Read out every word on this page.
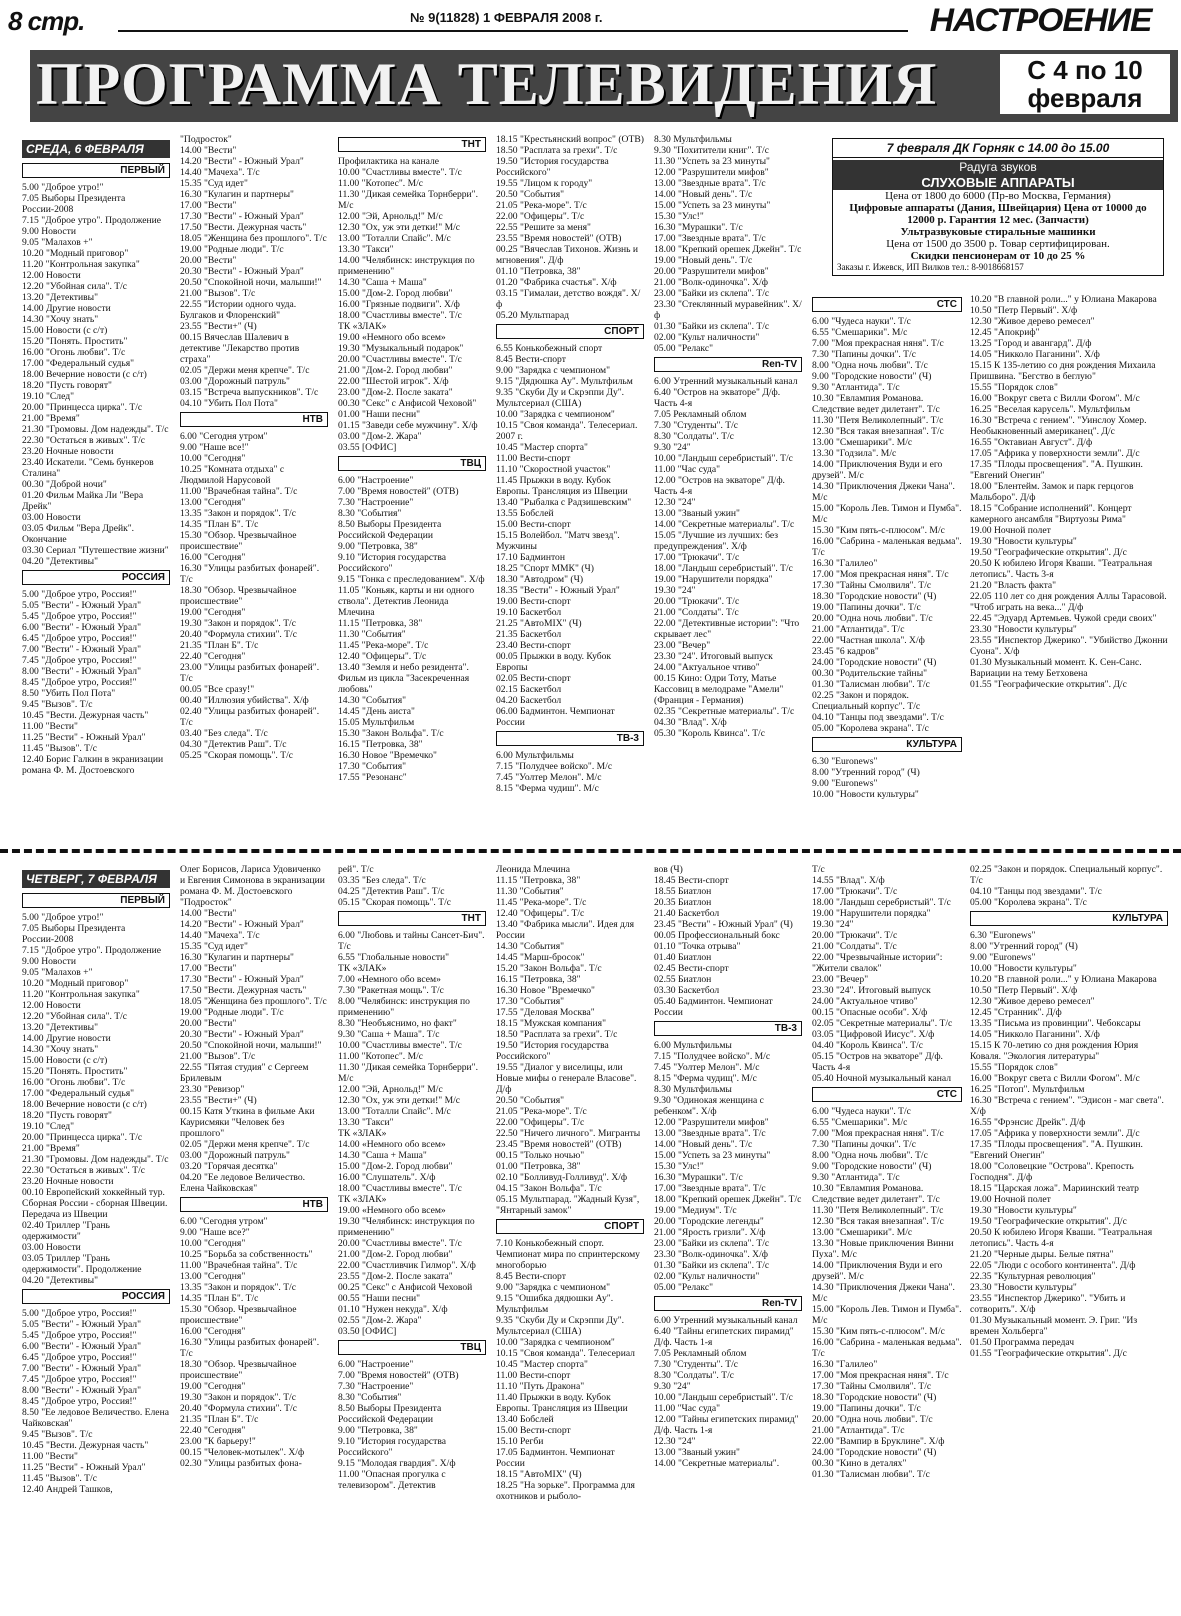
8 стр.	№ 9(11828) 1 ФЕВРАЛЯ 2008 г.	НАСТРОЕНИЕ
ПРОГРАММА ТЕЛЕВИДЕНИЯ	С 4 по 10 февраля
СРЕДА, 6 ФЕВРАЛЯ
ЧЕТВЕРГ, 7 ФЕВРАЛЯ
7 февраля ДК Горняк с 14.00 до 15.00
Радуга звуков
СЛУХОВЫЕ АППАРАТЫ
Цена от 1800 до 6000 (Пр-во Москва, Германия)
Цифровые аппараты (Дания, Швейцария) Цена от 10000 до 12000 р. Гарантия 12 мес. (Запчасти)
Ультразвуковые стиральные машинки
Цена от 1500 до 3500 р. Товар сертифицирован.
Скидки пенсионерам от 10 до 25 %
Заказы г. Ижевск, ИП Вилков тел.: 8-9018668157
ПЕРВЫЙ
5.00 "Доброе утро!"
7.05 Выборы Президента России-2008
7.15 "Доброе утро". Продолжение
9.00 Новости
9.05 "Малахов +"
10.20 "Модный приговор"
11.20 "Контрольная закупка"
12.00 Новости
12.20 "Убойная сила". Т/с
13.20 "Детективы"
14.00 Другие новости
14.30 "Хочу знать"
15.00 Новости (с с/т)
15.20 "Понять. Простить"
16.00 "Огонь любви". Т/с
17.00 "Федеральный судья"
18.00 Вечерние новости (с с/т)
18.20 "Пусть говорят"
19.10 "След"
20.00 "Принцесса цирка". Т/с
21.00 "Время"
21.30 "Громовы. Дом надежды". Т/с
22.30 "Остаться в живых". Т/с
23.20 Ночные новости
23.40 Искатели. "Семь бункеров Сталина"
00.30 "Доброй ночи"
01.20 Фильм Майка Ли "Вера Дрейк"
03.00 Новости
03.05 Фильм "Вера Дрейк". Окончание
03.30 Сериал "Путешествие жизни"
04.20 "Детективы"
РОССИЯ
5.00 "Доброе утро, Россия!"
5.05 "Вести" - Южный Урал"
5.45 "Доброе утро, Россия!"
6.00 "Вести" - Южный Урал"
6.45 "Доброе утро, Россия!"
7.00 "Вести" - Южный Урал"
7.45 "Доброе утро, Россия!"
8.00 "Вести" - Южный Урал"
8.45 "Доброе утро, Россия!"
8.50 "Убить Пол Пота"
9.45 "Вызов". Т/с
10.45 "Вести. Дежурная часть"
11.00 "Вести"
11.25 "Вести" - Южный Урал"
11.45 "Вызов". Т/с
12.40 Борис Галкин в экранизации романа Ф. М. Достоевского
"Подросток"
14.00 "Вести"
14.20 "Вести" - Южный Урал"
14.40 "Мачеха". Т/с
15.35 "Суд идет"
16.30 "Кулагин и партнеры"
17.00 "Вести"
17.30 "Вести" - Южный Урал"
17.50 "Вести. Дежурная часть"
18.05 "Женщина без прошлого". Т/с
19.00 "Родные люди". Т/с
20.00 "Вести"
20.30 "Вести" - Южный Урал"
20.50 "Спокойной ночи, малыши!"
21.00 "Вызов". Т/с
22.55 "Истории одного чуда. Булгаков и Флоренский"
23.55 "Вести+" (Ч)
00.15 Вячеслав Шалевич в детективе "Лекарство против страха"
02.05 "Держи меня крепче". Т/с
03.00 "Дорожный патруль"
03.15 "Встреча выпускников". Т/с
04.10 "Убить Пол Пота"
НТВ
6.00 "Сегодня утром"
9.00 "Наше все!"
10.00 "Сегодня"
10.25 "Комната отдыха" с Людмилой Нарусовой
11.00 "Врачебная тайна". Т/с
13.00 "Сегодня"
13.35 "Закон и порядок". Т/с
14.35 "План Б". Т/с
15.30 "Обзор. Чрезвычайное происшествие"
16.00 "Сегодня"
16.30 "Улицы разбитых фонарей". Т/с
18.30 "Обзор. Чрезвычайное происшествие"
19.00 "Сегодня"
19.30 "Закон и порядок". Т/с
20.40 "Формула стихии". Т/с
21.35 "План Б". Т/с
22.40 "Сегодня"
23.00 "Улицы разбитых фонарей". Т/с
00.05 "Все сразу!"
00.40 "Иллюзия убийства". Х/ф
02.40 "Улицы разбитых фонарей". Т/с
03.40 "Без следа". Т/с
04.30 "Детектив Раш". Т/с
05.25 "Скорая помощь". Т/с
ТНТ
Профилактика на канале
10.00 "Счастливы вместе". Т/с
11.00 "Котопес". М/с
11.30 "Дикая семейка Торнберри". М/с
12.00 "Эй, Арнольд!" М/с
12.30 "Ох, уж эти детки!" М/с
13.00 "Тоталли Спайс". М/с
13.30 "Такси"
14.00 "Челябинск: инструкция по применению"
14.30 "Саша + Маша"
15.00 "Дом-2. Город любви"
16.00 "Грязные подвиги". Х/ф
18.00 "Счастливы вместе". Т/с
ТК «ЗЛАК»
19.00 «Немного обо всем»
19.30 "Музыкальный подарок"
20.00 "Счастливы вместе". Т/с
21.00 "Дом-2. Город любви"
22.00 "Шестой игрок". Х/ф
23.00 "Дом-2. После заката"
00.30 "Секс" с Анфисой Чеховой"
01.00 "Наши песни"
01.15 "Заведи себе мужчину". Х/ф
03.00 "Дом-2. Жара"
03.55 [ОФИС]
ТВЦ
6.00 "Настроение"
7.00 "Время новостей" (ОТВ)
7.30 "Настроение"
8.30 "События"
8.50 Выборы Президента Российской Федерации
9.00 "Петровка, 38"
9.10 "История государства Российского"
9.15 "Гонка с преследованием". Х/ф
11.05 "Коньяк, карты и ни одного ствола". Детектив Леонида Млечина
11.15 "Петровка, 38"
11.30 "События"
11.45 "Река-море". Т/с
12.40 "Офицеры". Т/с
13.40 "Земля и небо резидента". Фильм из цикла "Засекреченная любовь"
14.30 "События"
14.45 "День аиста"
15.05 Мультфильм
15.30 "Закон Вольфа". Т/с
16.15 "Петровка, 38"
16.30 Новое "Времечко"
17.30 "События"
17.55 "Резонанс"
18.15 "Крестьянский вопрос" (ОТВ)
18.50 "Расплата за грехи". Т/с
19.50 "История государства Российского"
19.55 "Лицом к городу"
20.50 "События"
21.05 "Река-море". Т/с
22.00 "Офицеры". Т/с
22.55 "Решите за меня"
23.55 "Время новостей" (ОТВ)
00.25 "Вячеслав Тихонов. Жизнь и мгновения". Д/ф
01.10 "Петровка, 38"
01.20 "Фабрика счастья". Х/ф
03.15 "Гималаи, детство вождя". Х/ф
05.20 Мультпарад
СПОРТ
6.55 Конькобежный спорт
8.45 Вести-спорт
9.00 "Зарядка с чемпионом"
9.15 "Дядюшка Ау". Мультфильм
9.35 "Скуби Ду и Скрэппи Ду". Мультсериал (США)
10.00 "Зарядка с чемпионом"
10.15 "Своя команда". Телесериал. 2007 г.
10.45 "Мастер спорта"
11.00 Вести-спорт
11.10 "Скоростной участок"
11.45 Прыжки в воду. Кубок Европы. Трансляция из Швеции
13.40 "Рыбалка с Радзишевским"
13.55 Бобслей
15.00 Вести-спорт
15.15 Волейбол. "Матч звезд". Мужчины
17.10 Бадминтон
18.25 "Спорт ММК" (Ч)
18.30 "Автодром" (Ч)
18.35 "Вести" - Южный Урал"
19.00 Вести-спорт
19.10 Баскетбол
21.25 "АвтоМIХ" (Ч)
21.35 Баскетбол
23.40 Вести-спорт
00.05 Прыжки в воду. Кубок Европы
02.05 Вести-спорт
02.15 Баскетбол
04.20 Баскетбол
06.00 Бадминтон. Чемпионат России
ТВ-3
6.00 Мультфильмы
7.15 "Полудчее войско". М/с
7.45 "Уолтер Мелон". М/с
8.15 "Ферма чудиш". М/с
8.30 Мультфильмы
9.30 "Похитители книг". Т/с
11.30 "Успеть за 23 минуты"
12.00 "Разрушители мифов"
13.00 "Звездные врата". Т/с
14.00 "Новый день". Т/с
15.00 "Успеть за 23 минуты"
15.30 "Улс!"
16.30 "Мурашки". Т/с
17.00 "Звездные врата". Т/с
18.00 "Крепкий орешек Джейн". Т/с
19.00 "Новый день". Т/с
20.00 "Разрушители мифов"
21.00 "Волк-одиночка". Х/ф
23.00 "Байки из склепа". Т/с
23.30 "Стеклянный муравейник". Х/ф
01.30 "Байки из склепа". Т/с
02.00 "Культ наличности"
05.00 "Релакс"
Ren-TV
6.00 Утренний музыкальный канал
6.40 "Остров на экваторе" Д/ф. Часть 4-я
7.05 Рекламный облом
7.30 "Студенты". Т/с
8.30 "Солдаты". Т/с
9.30 "24"
10.00 "Ландыш серебристый". Т/с
11.00 "Час суда"
12.00 "Остров на экваторе" Д/ф. Часть 4-я
12.30 "24"
13.00 "Званый ужин"
14.00 "Секретные материалы". Т/с
15.05 "Лучшие из лучших: без предупреждения". Х/ф
17.00 "Трюкачи". Т/с
18.00 "Ландыш серебристый". Т/с
19.00 "Нарушители порядка"
19.30 "24"
20.00 "Трюкачи". Т/с
21.00 "Солдаты". Т/с
22.00 "Детективные истории": "Что скрывает лес"
23.00 "Вечер"
23.30 "24". Итоговый выпуск
24.00 "Актуальное чтиво"
00.15 Кино: Одри Тоту, Матье Кассовиц в мелодраме "Амели" (Франция - Германия)
02.35 "Секретные материалы". Т/с
04.30 "Влад". Х/ф
05.30 "Король Квинса". Т/с
СТС
6.00 "Чудеса науки". Т/с
6.55 "Смешарики". М/с
7.00 "Моя прекрасная няня". Т/с
7.30 "Папины дочки". Т/с
8.00 "Одна ночь любви". Т/с
9.00 "Городские новости" (Ч)
9.30 "Атлантида". Т/с
10.30 "Евлампия Романова. Следствие ведет дилетант". Т/с
11.30 "Петя Великолепный". Т/с
12.30 "Вся такая внезапная". Т/с
13.00 "Смешарики". М/с
13.30 "Годзила". М/с
14.00 "Приключения Вуди и его друзей". М/с
14.30 "Приключения Джеки Чана". М/с
15.00 "Король Лев. Тимон и Пумба". М/с
15.30 "Ким пять-с-плюсом". М/с
16.00 "Сабрина - маленькая ведьма". Т/с
16.30 "Галилео"
17.00 "Моя прекрасная няня". Т/с
17.30 "Тайны Смолвиля". Т/с
18.30 "Городские новости" (Ч)
19.00 "Папины дочки". Т/с
20.00 "Одна ночь любви". Т/с
21.00 "Атлантида". Т/с
22.00 "Частная школа". Х/ф
23.45 "6 кадров"
24.00 "Городские новости" (Ч)
00.30 "Родительские тайны"
01.30 "Талисман любви". Т/с
02.25 "Закон и порядок. Специальный корпус". Т/с
04.10 "Танцы под звездами". Т/с
05.00 "Королева экрана". Т/с
КУЛЬТУРА
6.30 "Euronews"
8.00 "Утренний город" (Ч)
9.00 "Euronews"
10.00 "Новости культуры"
10.20 "В главной роли..." у Юлиана Макарова
10.50 "Петр Первый". Х/ф
12.30 "Живое дерево ремесел"
12.45 "Апокриф"
13.25 "Город и авангард". Д/ф
14.05 "Никколо Паганини". Х/ф
15.15 К 135-летию со дня рождения Михаила Пришвина. "Бегство в беглую"
15.55 "Порядок слов"
16.00 "Вокруг света с Вилли Фогом". М/с
16.25 "Веселая карусель". Мультфильм
16.30 "Встреча с гением". "Уинслоу Хомер. Необыкновенный американец". Д/с
16.55 "Октавиан Август". Д/ф
17.05 "Африка у поверхности земли". Д/с
17.35 "Плоды просвещения". "А. Пушкин. "Евгений Онегин"
18.00 "Блентейм. Замок и парк герцогов Мальборо". Д/ф
18.15 "Собрание исполнений". Концерт камерного ансамбля "Виртуозы Рима"
19.00 Ночной полет
19.30 "Новости культуры"
19.50 "Географические открытия". Д/с
20.50 К юбилею Игоря Кваши. "Театральная летопись". Часть 3-я
21.20 "Власть факта"
22.05 110 лет со дня рождения Аллы Тарасовой. "Чтоб играть на века..." Д/ф
22.45 "Эдуард Артемьев. Чужой среди своих"
23.30 "Новости культуры"
23.55 "Инспектор Джерико". "Убийство Джонни Суона". Х/ф
01.30 Музыкальный момент. К. Сен-Санс. Вариации на тему Бетховена
01.55 "Географические открытия". Д/с
ПЕРВЫЙ
5.00 "Доброе утро!"
7.05 Выборы Президента России-2008
7.15 "Доброе утро". Продолжение
9.00 Новости
9.05 "Малахов +"
10.20 "Модный приговор"
11.20 "Контрольная закупка"
12.00 Новости
12.20 "Убойная сила". Т/с
13.20 "Детективы"
14.00 Другие новости
14.30 "Хочу знать"
15.00 Новости (с с/т)
15.20 "Понять. Простить"
16.00 "Огонь любви". Т/с
17.00 "Федеральный судья"
18.00 Вечерние новости (с с/т)
18.20 "Пусть говорят"
19.10 "След"
20.00 "Принцесса цирка". Т/с
21.00 "Время"
21.30 "Громовы. Дом надежды". Т/с
22.30 "Остаться в живых". Т/с
23.20 Ночные новости
00.10 Европейский хоккейный тур. Сборная России - сборная Швеции. Передача из Швеции
02.40 Триллер "Грань одержимости"
03.00 Новости
03.05 Триллер "Грань одержимости". Продолжение
04.20 "Детективы"
РОССИЯ
5.00 "Доброе утро, Россия!"
5.05 "Вести" - Южный Урал"
5.45 "Доброе утро, Россия!"
6.00 "Вести" - Южный Урал"
6.45 "Доброе утро, Россия!"
7.00 "Вести" - Южный Урал"
7.45 "Доброе утро, Россия!"
8.00 "Вести" - Южный Урал"
8.45 "Доброе утро, Россия!"
8.50 "Ее ледовое Величество. Елена Чайковская"
9.45 "Вызов". Т/с
10.45 "Вести. Дежурная часть"
11.00 "Вести"
11.25 "Вести" - Южный Урал"
11.45 "Вызов". Т/с
12.40 Андрей Ташков,
Олег Борисов, Лариса Удовиченко и Евгения Симонова в экранизации романа Ф. М. Достоевского "Подросток"
14.00 "Вести"
14.20 "Вести" - Южный Урал"
14.40 "Мачеха". Т/с
15.35 "Суд идет"
16.30 "Кулагин и партнеры"
17.00 "Вести"
17.30 "Вести" - Южный Урал"
17.50 "Вести. Дежурная часть"
18.05 "Женщина без прошлого". Т/с
19.00 "Родные люди". Т/с
20.00 "Вести"
20.30 "Вести" - Южный Урал"
20.50 "Спокойной ночи, малыши!"
21.00 "Вызов". Т/с
22.55 "Пятая студия" с Сергеем Брилевым
23.30 "Ревизор"
23.55 "Вести+" (Ч)
00.15 Катя Уткина в фильме Аки Каурисмяки "Человек без прошлого"
02.05 "Держи меня крепче". Т/с
03.00 "Дорожный патруль"
03.20 "Горячая десятка"
04.20 "Ее ледовое Величество. Елена Чайковская"
НТВ
6.00 "Сегодня утром"
9.00 "Наше все?"
10.00 "Сегодня"
10.25 "Борьба за собственность"
11.00 "Врачебная тайна". Т/с
13.00 "Сегодня"
13.35 "Закон и порядок". Т/с
14.35 "План Б". Т/с
15.30 "Обзор. Чрезвычайное происшествие"
16.00 "Сегодня"
16.30 "Улицы разбитых фонарей". Т/с
18.30 "Обзор. Чрезвычайное происшествие"
19.00 "Сегодня"
19.30 "Закон и порядок". Т/с
20.40 "Формула стихии". Т/с
21.35 "План Б". Т/с
22.40 "Сегодня"
23.00 "К барьеру!"
00.15 "Человек-мотылек". Х/ф
02.30 "Улицы разбитых фона-
рей". Т/с
03.35 "Без следа". Т/с
04.25 "Детектив Раш". Т/с
05.15 "Скорая помощь". Т/с
ТНТ
6.00 "Любовь и тайны Сансет-Бич". Т/с
6.55 "Глобальные новости"
ТК «ЗЛАК»
7.00 «Немного обо всем»
7.30 "Ракетная мощь". Т/с
8.00 "Челябинск: инструкция по применению"
8.30 "Необъяснимо, но факт"
9.30 "Саша + Маша". Т/с
10.00 "Счастливы вместе". Т/с
11.00 "Котопес". М/с
11.30 "Дикая семейка Торнберри". М/с
12.00 "Эй, Арнольд!" М/с
12.30 "Ох, уж эти детки!" М/с
13.00 "Тоталли Спайс". М/с
13.30 "Такси"
ТК «ЗЛАК»
14.00 «Немного обо всем»
14.30 "Саша + Маша"
15.00 "Дом-2. Город любви"
16.00 "Слушатель". Х/ф
18.00 "Счастливы вместе". Т/с
ТК «ЗЛАК»
19.00 «Немного обо всем»
19.30 "Челябинск: инструкция по применению"
20.00 "Счастливы вместе". Т/с
21.00 "Дом-2. Город любви"
22.00 "Счастливчик Гилмор". Х/ф
23.55 "Дом-2. После заката"
00.25 "Секс" с Анфисой Чеховой
00.55 "Наши песни"
01.10 "Нужен некуда". Х/ф
02.55 "Дом-2. Жара"
03.50 [ОФИС]
ТВЦ
6.00 "Настроение"
7.00 "Время новостей" (ОТВ)
7.30 "Настроение"
8.30 "События"
8.50 Выборы Президента Российской Федерации
9.00 "Петровка, 38"
9.10 "История государства Российского"
9.15 "Молодая гвардия". Х/ф
11.00 "Опасная прогулка с телевизором". Детектив
Леонида Млечина
11.15 "Петровка, 38"
11.30 "События"
11.45 "Река-море". Т/с
12.40 "Офицеры". Т/с
13.40 "Фабрика мысли". Идея для России
14.30 "События"
14.45 "Марш-бросок"
15.20 "Закон Вольфа". Т/с
16.15 "Петровка, 38"
16.30 Новое "Времечко"
17.30 "События"
17.55 "Деловая Москва"
18.15 "Мужская компания"
18.50 "Расплата за грехи". Т/с
19.50 "История государства Российского"
19.55 "Диалог у виселицы, или Новые мифы о генерале Власове". Д/ф
20.50 "События"
21.05 "Река-море". Т/с
22.00 "Офицеры". Т/с
22.50 "Ничего личного". Мигранты
23.45 "Время новостей" (ОТВ)
00.15 "Только ночью"
01.00 "Петровка, 38"
02.10 "Болливуд-Голливуд". Х/ф
04.15 "Закон Вольфа". Т/с
05.15 Мультпарад. "Жадный Кузя", "Янтарный замок"
СПОРТ
7.10 Конькобежный спорт. Чемпионат мира по спринтерскому многоборью
8.45 Вести-спорт
9.00 "Зарядка с чемпионом"
9.15 "Ошибка дядюшки Ау". Мультфильм
9.35 "Скуби Ду и Скрэппи Ду". Мультсериал (США)
10.00 "Зарядка с чемпионом"
10.15 "Своя команда". Телесериал
10.45 "Мастер спорта"
11.00 Вести-спорт
11.10 "Путь Дракона"
11.40 Прыжки в воду. Кубок Европы. Трансляция из Швеции
13.40 Бобслей
15.00 Вести-спорт
15.10 Регби
17.05 Бадминтон. Чемпионат России
18.15 "АвтоМIХ" (Ч)
18.25 "На зорьке". Программа для охотников и рыболо-
вов (Ч)
18.45 Вести-спорт
18.55 Биатлон
20.35 Биатлон
21.40 Баскетбол
23.45 "Вести" - Южный Урал" (Ч)
00.05 Профессиональный бокс
01.10 "Точка отрыва"
01.40 Биатлон
02.45 Вести-спорт
02.55 Биатлон
03.30 Баскетбол
05.40 Бадминтон. Чемпионат России
ТВ-3
6.00 Мультфильмы
7.15 "Полудчее войско". М/с
7.45 "Уолтер Мелон". М/с
8.15 "Ферма чудищ". М/с
8.30 Мультфильмы
9.30 "Одинокая женщина с ребенком". Х/ф
12.00 "Разрушители мифов"
13.00 "Звездные врата". Т/с
14.00 "Новый день". Т/с
15.00 "Успеть за 23 минуты"
15.30 "Улс!"
16.30 "Мурашки". Т/с
17.00 "Звездные врата". Т/с
18.00 "Крепкий орешек Джейн". Т/с
19.00 "Медиум". Т/с
20.00 "Городские легенды"
21.00 "Ярость гризли". Х/ф
23.00 "Байки из склепа". Т/с
23.30 "Волк-одиночка". Х/ф
01.30 "Байки из склепа". Т/с
02.00 "Культ наличности"
05.00 "Релакс"
Ren-TV
6.00 Утренний музыкальный канал
6.40 "Тайны египетских пирамид" Д/ф. Часть 1-я
7.05 Рекламный облом
7.30 "Студенты". Т/с
8.30 "Солдаты". Т/с
9.30 "24"
10.00 "Ландыш серебристый". Т/с
11.00 "Час суда"
12.00 "Тайны египетских пирамид" Д/ф. Часть 1-я
12.30 "24"
13.00 "Званый ужин"
14.00 "Секретные материалы".
Т/с
14.55 "Влад". Х/ф
17.00 "Трюкачи". Т/с
18.00 "Ландыш серебристый". Т/с
19.00 "Нарушители порядка"
19.30 "24"
20.00 "Трюкачи". Т/с
21.00 "Солдаты". Т/с
22.00 "Чрезвычайные истории": "Жители свалок"
23.00 "Вечер"
23.30 "24". Итоговый выпуск
24.00 "Актуальное чтиво"
00.15 "Опасные особи". Х/ф
02.05 "Секретные материалы". Т/с
03.05 "Цифровой Иисус". Х/ф
04.40 "Король Квинса". Т/с
05.15 "Остров на экваторе" Д/ф. Часть 4-я
05.40 Ночной музыкальный канал
СТС
6.00 "Чудеса науки". Т/с
6.55 "Смешарики". М/с
7.00 "Моя прекрасная няня". Т/с
7.30 "Папины дочки". Т/с
8.00 "Одна ночь любви". Т/с
9.00 "Городские новости" (Ч)
9.30 "Атлантида". Т/с
10.30 "Евлампия Романова. Следствие ведет дилетант". Т/с
11.30 "Петя Великолепный". Т/с
12.30 "Вся такая внезапная". Т/с
13.00 "Смешарики". М/с
13.30 "Новые приключения Винни Пуха". М/с
14.00 "Приключения Вуди и его друзей". М/с
14.30 "Приключения Джеки Чана". М/с
15.00 "Король Лев. Тимон и Пумба". М/с
15.30 "Ким пять-с-плюсом". М/с
16.00 "Сабрина - маленькая ведьма". Т/с
16.30 "Галилео"
17.00 "Моя прекрасная няня". Т/с
17.30 "Тайны Смолвиля". Т/с
18.30 "Городские новости" (Ч)
19.00 "Папины дочки". Т/с
20.00 "Одна ночь любви". Т/с
21.00 "Атлантида". Т/с
22.00 "Вампир в Бруклине". Х/ф
24.00 "Городские новости" (Ч)
00.30 "Кино в деталях"
01.30 "Талисман любви". Т/с
02.25 "Закон и порядок. Специальный корпус". Т/с
04.10 "Танцы под звездами". Т/с
05.00 "Королева экрана". Т/с
КУЛЬТУРА
6.30 "Euronews"
8.00 "Утренний город" (Ч)
9.00 "Euronews"
10.00 "Новости культуры"
10.20 "В главной роли..." у Юлиана Макарова
10.50 "Петр Первый". Х/ф
12.30 "Живое дерево ремесел"
12.45 "Странник". Д/ф
13.35 "Письма из провинции". Чебоксары
14.05 "Никколо Паганини". Х/ф
15.15 К 70-летию со дня рождения Юрия Коваля. "Экология литературы"
15.55 "Порядок слов"
16.00 "Вокруг света с Вилли Фогом". М/с
16.25 "Потоп". Мультфильм
16.30 "Встреча с гением". "Эдисон - маг света". Х/ф
16.55 "Фрэнсис Дрейк". Д/ф
17.05 "Африка у поверхности земли". Д/с
17.35 "Плоды просвещения". "А. Пушкин. "Евгений Онегин"
18.00 "Соловецкие "Острова". Крепость Господня". Д/ф
18.15 "Царская ложа". Мариинский театр
19.00 Ночной полет
19.30 "Новости культуры"
19.50 "Географические открытия". Д/с
20.50 К юбилею Игоря Кваши. "Театральная летопись". Часть 4-я
21.20 "Черные дыры. Белые пятна"
22.05 "Люди с особого континента". Д/ф
22.35 "Культурная революция"
23.30 "Новости культуры"
23.55 "Инспектор Джерико". "Убить и сотворить". Х/ф
01.30 Музыкальный момент. Э. Григ. "Из времен Хольберга"
01.50 Программа передач
01.55 "Географические открытия". Д/с
